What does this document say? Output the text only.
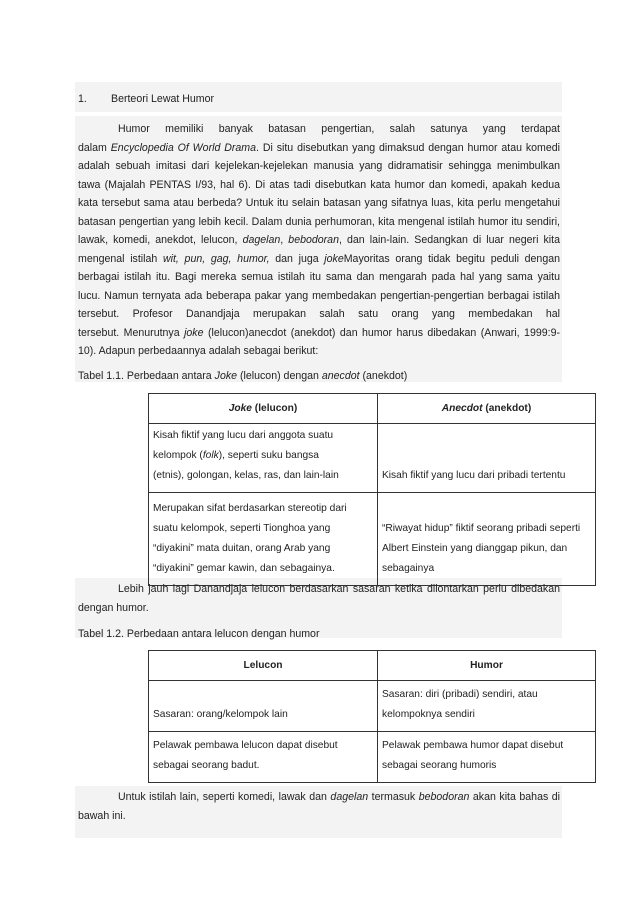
1. Berteori Lewat Humor
Humor memiliki banyak batasan pengertian, salah satunya yang terdapat
dalam Encyclopedia Of World Drama. Di situ disebutkan yang dimaksud dengan humor atau komedi
adalah sebuah imitasi dari kejelekan-kejelekan manusia yang didramatisir sehingga menimbulkan
tawa (Majalah PENTAS I/93, hal 6). Di atas tadi disebutkan kata humor dan komedi, apakah kedua
kata tersebut sama atau berbeda? Untuk itu selain batasan yang sifatnya luas, kita perlu mengetahui
batasan pengertian yang lebih kecil. Dalam dunia perhumoran, kita mengenal istilah humor itu sendiri,
lawak, komedi, anekdot, lelucon, dagelan, bebodoran, dan lain-lain. Sedangkan di luar negeri kita
mengenal istilah wit, pun, gag, humor, dan juga jokeMayoritas orang tidak begitu peduli dengan
berbagai istilah itu. Bagi mereka semua istilah itu sama dan mengarah pada hal yang sama yaitu
lucu. Namun ternyata ada beberapa pakar yang membedakan pengertian-pengertian berbagai istilah
tersebut. Profesor Danandjaja merupakan salah satu orang yang membedakan hal
tersebut. Menurutnya joke (lelucon)anecdot (anekdot) dan humor harus dibedakan (Anwari, 1999:9-
10). Adapun perbedaannya adalah sebagai berikut:
Tabel 1.1. Perbedaan antara Joke (lelucon) dengan anecdot (anekdot)
Joke (lelucon)	Anecdot (anekdot)

Kisah fiktif yang lucu dari anggota suatu
kelompok (folk), seperti suku bangsa
(etnis), golongan, kelas, ras, dan lain-lain	Kisah fiktif yang lucu dari pribadi tertentu

Merupakan sifat berdasarkan stereotip dari
suatu kelompok, seperti Tionghoa yang
“diyakini” mata duitan, orang Arab yang
“diyakini” gemar kawin, dan sebagainya.	“Riwayat hidup” fiktif seorang pribadi seperti
Albert Einstein yang dianggap pikun, dan
sebagainya
Lebih jauh lagi Danandjaja lelucon berdasarkan sasaran ketika dilontarkan perlu dibedakan
dengan humor.
Tabel 1.2. Perbedaan antara lelucon dengan humor
Lelucon	Humor

Sasaran: orang/kelompok lain	Sasaran: diri (pribadi) sendiri, atau
kelompoknya sendiri

Pelawak pembawa lelucon dapat disebut
sebagai seorang badut.	Pelawak pembawa humor dapat disebut
sebagai seorang humoris
Untuk istilah lain, seperti komedi, lawak dan dagelan termasuk bebodoran akan kita bahas di
bawah ini.
